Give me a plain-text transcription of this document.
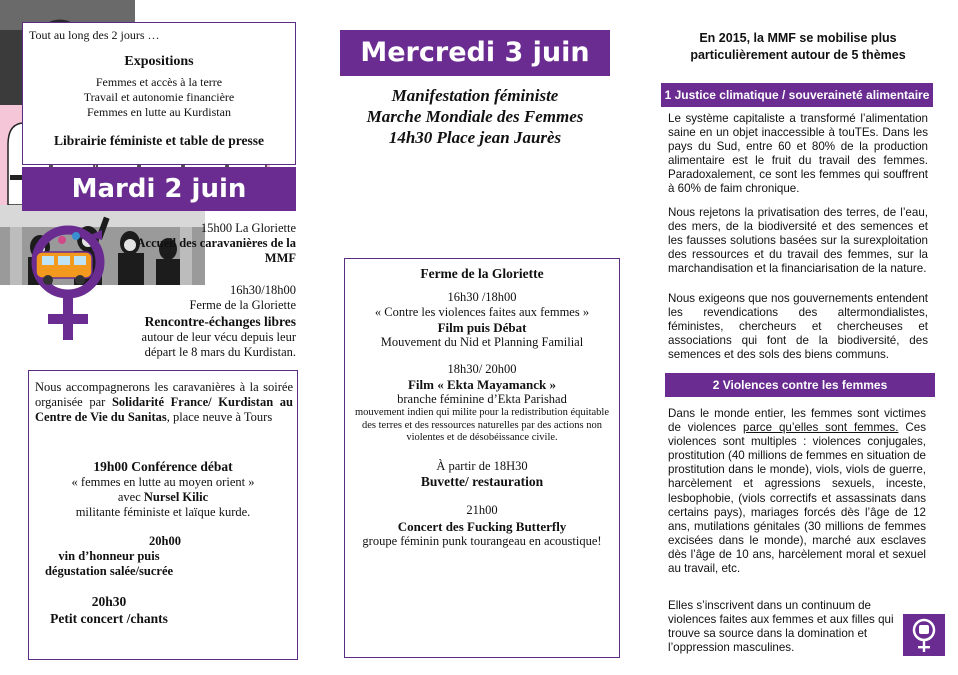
Tout au long des 2 jours …
Expositions
Femmes et accès à la terre
Travail et autonomie financière
Femmes en lutte au Kurdistan
Librairie féministe et table de presse
Mardi 2 juin
15h00 La Gloriette
Accueil des caravanières de la MMF
16h30/18h00
Ferme de la Gloriette
Rencontre-échanges libres
autour de leur vécu depuis leur départ le 8 mars du Kurdistan.
Nous accompagnerons les caravanières à la soirée organisée par Solidarité France/ Kurdistan au Centre de Vie du Sanitas, place neuve à Tours
19h00 Conférence débat
« femmes en lutte au moyen orient »
avec Nursel Kilic
militante féministe et laïque kurde.
20h00
vin d’honneur puis dégustation salée/sucrée
20h30
Petit concert /chants
Mercredi 3 juin
Manifestation féministe
Marche Mondiale des Femmes
14h30 Place jean Jaurès
Ferme de la Gloriette
16h30 /18h00
« Contre les violences faites aux femmes »
Film puis Débat
Mouvement du Nid et Planning Familial
18h30/ 20h00
Film « Ekta Mayamanck »
branche féminine d’Ekta Parishad
mouvement indien qui milite pour la redistribution équitable des terres et des ressources naturelles par des actions non violentes et de désobéissance civile.
À partir de 18H30
Buvette/ restauration
21h00
Concert des Fucking Butterfly
groupe féminin punk tourangeau en acoustique!
En 2015, la MMF se mobilise plus
particulièrement autour de 5 thèmes
1 Justice climatique / souveraineté alimentaire
Le système capitaliste a transformé l’alimentation saine en un objet inaccessible à touTEs. Dans les pays du Sud, entre 60 et 80% de la production alimentaire est le fruit du travail des femmes. Paradoxalement, ce sont les femmes qui souffrent à 60% de faim chronique.
Nous rejetons la privatisation des terres, de l’eau, des mers, de la biodiversité et des semences et les fausses solutions basées sur la surexploitation des ressources et du travail des femmes, sur la marchandisation et la financiarisation de la nature.
Nous exigeons que nos gouvernements entendent les revendications des altermondialistes, féministes, chercheurs et chercheuses et associations qui font de la biodiversité, des semences et des sols des biens communs.
2 Violences contre les femmes
Dans le monde entier, les femmes sont victimes de violences parce qu’elles sont femmes. Ces violences sont multiples : violences conjugales, prostitution (40 millions de femmes en situation de prostitution dans le monde), viols, viols de guerre, harcèlement et agressions sexuels, inceste, lesbophobie, (viols correctifs et assassinats dans certains pays), mariages forcés dès l’âge de 12 ans, mutilations génitales (30 millions de femmes excisées dans le monde), marché aux esclaves dès l’âge de 10 ans, harcèlement moral et sexuel au travail, etc.
Elles s’inscrivent dans un continuum de violences faites aux femmes et aux filles qui trouve sa source dans la domination et l’oppression masculines.
